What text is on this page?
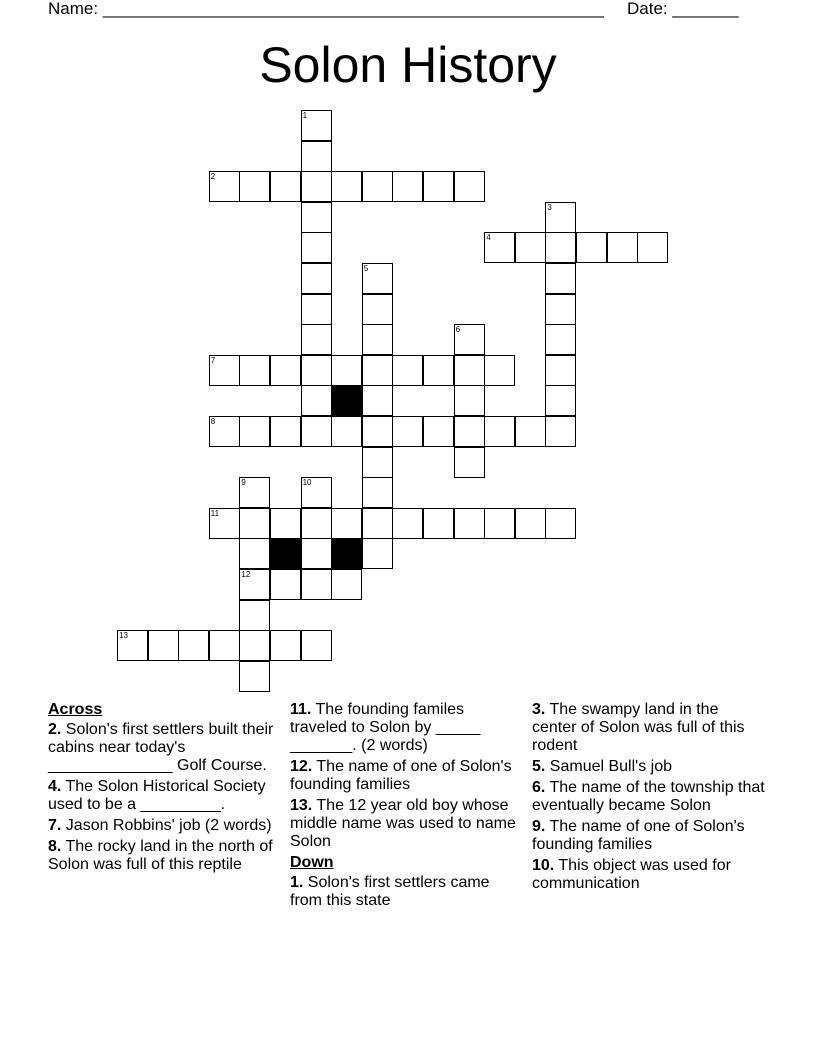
Name: _____________________________________________________ Date: _______
Solon History
1
2
3
4
5
6
7
8
9	10
11
12
13
Across
2. Solon's first settlers built their cabins near today's ______________ Golf Course.
4. The Solon Historical Society used to be a _________.
7. Jason Robbins' job (2 words)
8. The rocky land in the north of Solon was full of this reptile
11. The founding familes traveled to Solon by _____ _______. (2 words)
12. The name of one of Solon's founding families
13. The 12 year old boy whose middle name was used to name Solon
Down
1. Solon's first settlers came from this state
3. The swampy land in the center of Solon was full of this rodent
5. Samuel Bull's job
6. The name of the township that eventually became Solon
9. The name of one of Solon's founding families
10. This object was used for communication
